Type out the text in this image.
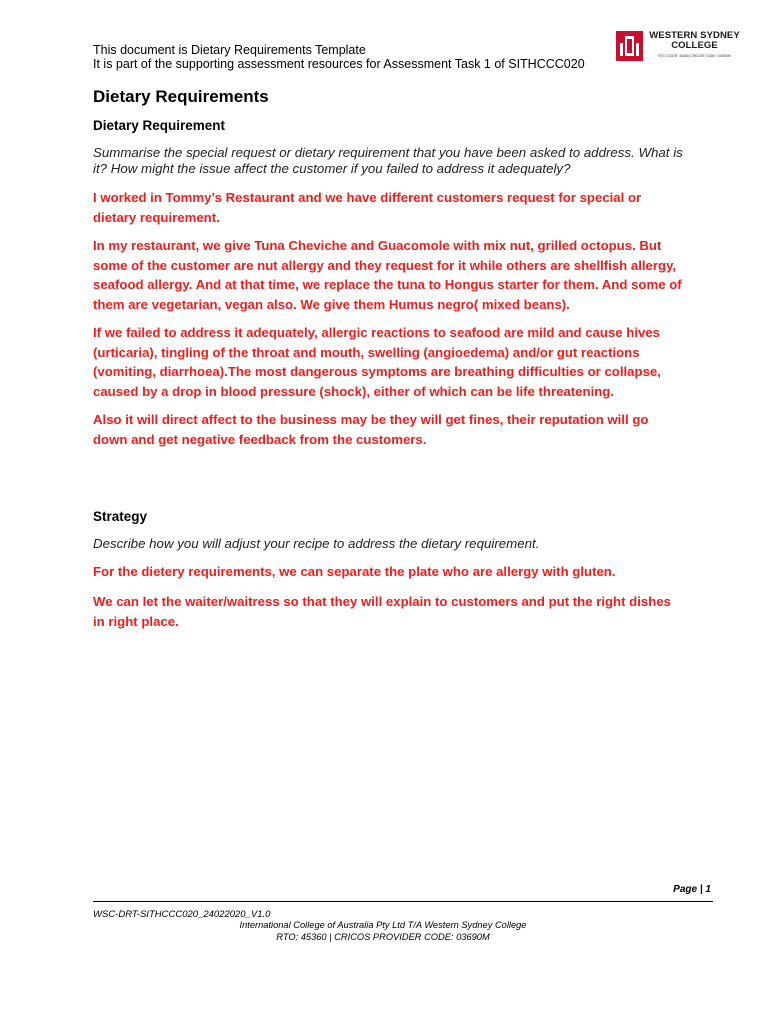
This document is Dietary Requirements Template
It is part of the supporting assessment resources for Assessment Task 1 of SITHCCC020
WESTERN SYDNEY
COLLEGE
RTO CODE: 45360 CRICOS CODE: 03690M
Dietary Requirements
Dietary Requirement
Summarise the special request or dietary requirement that you have been asked to address. What is it? How might the issue affect the customer if you failed to address it adequately?
I worked in Tommy’s Restaurant and we have different customers request for special or dietary requirement.
In my restaurant, we give Tuna Cheviche and Guacomole with mix nut, grilled octopus. But some of the customer are nut allergy and they request for it while others are shellfish allergy, seafood allergy. And at that time, we replace the tuna to Hongus starter for them. And some of them are vegetarian, vegan also. We give them Humus negro( mixed beans).
If we failed to address it adequately, allergic reactions to seafood are mild and cause hives (urticaria), tingling of the throat and mouth, swelling (angioedema) and/or gut reactions (vomiting, diarrhoea).The most dangerous symptoms are breathing difficulties or collapse, caused by a drop in blood pressure (shock), either of which can be life threatening.
Also it will direct affect to the business may be they will get fines, their reputation will go down and get negative feedback from the customers.
Strategy
Describe how you will adjust your recipe to address the dietary requirement.
For the dietery requirements, we can separate the plate who are allergy with gluten.
We can let the waiter/waitress so that they will explain to customers and put the right dishes in right place.
Page | 1
WSC-DRT-SITHCCC020_24022020_V1.0
International College of Australia Pty Ltd T/A Western Sydney College
RTO: 45360 | CRICOS PROVIDER CODE: 03690M
